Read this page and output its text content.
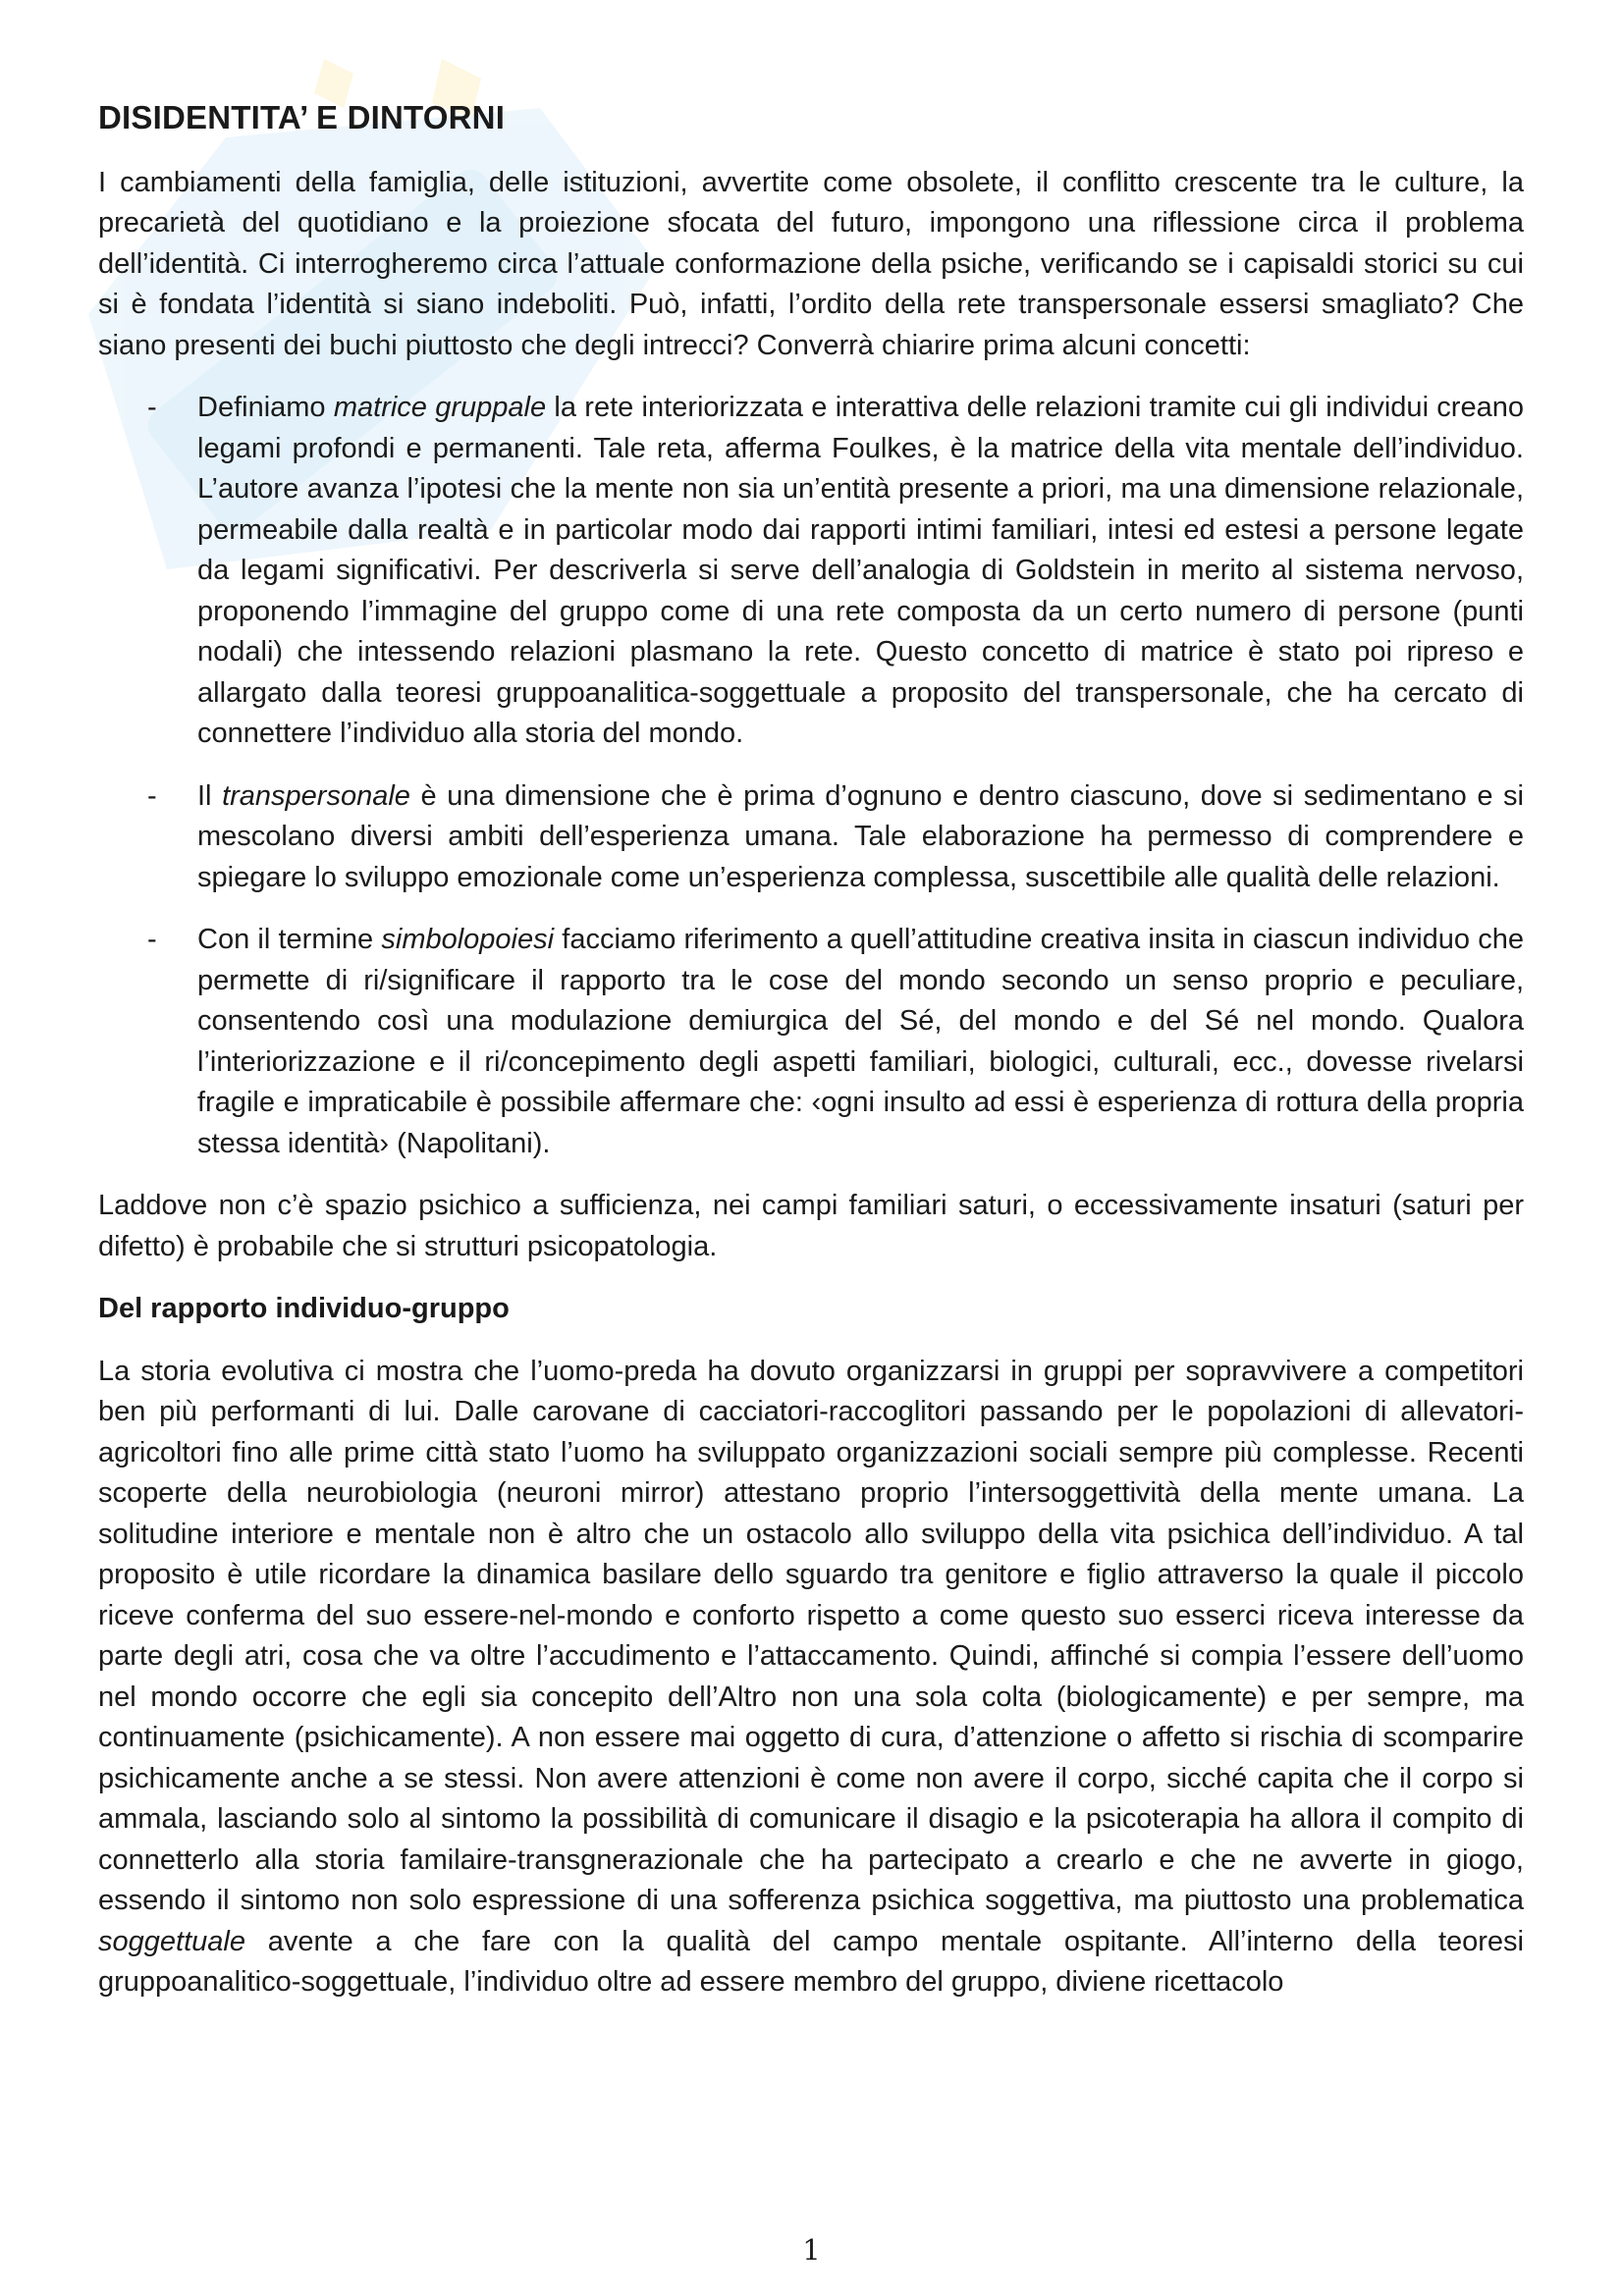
DISIDENTITA’ E DINTORNI

I cambiamenti della famiglia, delle istituzioni, avvertite come obsolete, il conflitto crescente tra le culture, la precarietà del quotidiano e la proiezione sfocata del futuro, impongono una riflessione circa il problema dell’identità. Ci interrogheremo circa l’attuale conformazione della psiche, verificando se i capisaldi storici su cui si è fondata l’identità si siano indeboliti. Può, infatti, l’ordito della rete transpersonale essersi smagliato? Che siano presenti dei buchi piuttosto che degli intrecci? Converrà chiarire prima alcuni concetti:

- Definiamo matrice gruppale la rete interiorizzata e interattiva delle relazioni tramite cui gli individui creano legami profondi e permanenti. Tale reta, afferma Foulkes, è la matrice della vita mentale dell’individuo. L’autore avanza l’ipotesi che la mente non sia un’entità presente a priori, ma una dimensione relazionale, permeabile dalla realtà e in particolar modo dai rapporti intimi familiari, intesi ed estesi a persone legate da legami significativi. Per descriverla si serve dell’analogia di Goldstein in merito al sistema nervoso, proponendo l’immagine del gruppo come di una rete composta da un certo numero di persone (punti nodali) che intessendo relazioni plasmano la rete. Questo concetto di matrice è stato poi ripreso e allargato dalla teoresi gruppoanalitica-soggettuale a proposito del transpersonale, che ha cercato di connettere l’individuo alla storia del mondo.
- Il transpersonale è una dimensione che è prima d’ognuno e dentro ciascuno, dove si sedimentano e si mescolano diversi ambiti dell’esperienza umana. Tale elaborazione ha permesso di comprendere e spiegare lo sviluppo emozionale come un’esperienza complessa, suscettibile alle qualità delle relazioni.
- Con il termine simbolopoiesi facciamo riferimento a quell’attitudine creativa insita in ciascun individuo che permette di ri/significare il rapporto tra le cose del mondo secondo un senso proprio e peculiare, consentendo così una modulazione demiurgica del Sé, del mondo e del Sé nel mondo. Qualora l’interiorizzazione e il ri/concepimento degli aspetti familiari, biologici, culturali, ecc., dovesse rivelarsi fragile e impraticabile è possibile affermare che: ‹ogni insulto ad essi è esperienza di rottura della propria stessa identità› (Napolitani).

Laddove non c’è spazio psichico a sufficienza, nei campi familiari saturi, o eccessivamente insaturi (saturi per difetto) è probabile che si strutturi psicopatologia.

Del rapporto individuo-gruppo

La storia evolutiva ci mostra che l’uomo-preda ha dovuto organizzarsi in gruppi per sopravvivere a competitori ben più performanti di lui. Dalle carovane di cacciatori-raccoglitori passando per le popolazioni di allevatori-agricoltori fino alle prime città stato l’uomo ha sviluppato organizzazioni sociali sempre più complesse. Recenti scoperte della neurobiologia (neuroni mirror) attestano proprio l’intersoggettività della mente umana. La solitudine interiore e mentale non è altro che un ostacolo allo sviluppo della vita psichica dell’individuo. A tal proposito è utile ricordare la dinamica basilare dello sguardo tra genitore e figlio attraverso la quale il piccolo riceve conferma del suo essere-nel-mondo e conforto rispetto a come questo suo esserci riceva interesse da parte degli atri, cosa che va oltre l’accudimento e l’attaccamento. Quindi, affinché si compia l’essere dell’uomo nel mondo occorre che egli sia concepito dell’Altro non una sola colta (biologicamente) e per sempre, ma continuamente (psichicamente). A non essere mai oggetto di cura, d’attenzione o affetto si rischia di scomparire psichicamente anche a se stessi. Non avere attenzioni è come non avere il corpo, sicché capita che il corpo si ammala, lasciando solo al sintomo la possibilità di comunicare il disagio e la psicoterapia ha allora il compito di connetterlo alla storia familaire-transgnerazionale che ha partecipato a crearlo e che ne avverte in giogo, essendo il sintomo non solo espressione di una sofferenza psichica soggettiva, ma piuttosto una problematica soggettuale avente a che fare con la qualità del campo mentale ospitante. All’interno della teoresi gruppoanalitico-soggettuale, l’individuo oltre ad essere membro del gruppo, diviene ricettacolo

1
